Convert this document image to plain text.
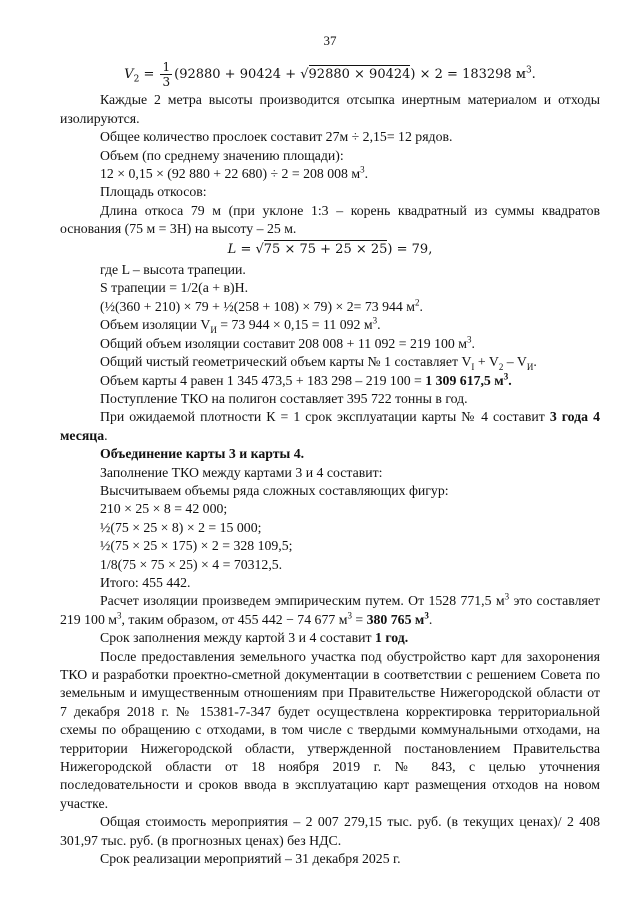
37
$V_2 = \frac{1}{3} (92880 + 90424 + √92880 \times 90424) \times 2 = 183298$ $м^3$.

Каждые 2 метра высоты производится отсыпка инертным материалом и отходы изолируются.

Общее количество прослоек составит 27м ÷ 2,15= 12 рядов.

Объем (по среднему значению площади):

12 × 0,15 × (92 880 + 22 680) ÷ 2 = 208 008 $м^3$.

Площадь откосов:

Длина откоса 79 м (при уклоне 1:3 – корень квадратный из суммы квадратов основания (75 м = 3Н) на высоту – 25 м.

L = √75 × 75 + 25 × 25) = 79,

где L – высота трапеции.

S трапеции = 1/2(а + в)Н.

(½(360 + 210) × 79 + ½(258 + 108) × 79) × 2= 73 944 $м^2$.

Объем изоляции $V_И = 73$ 944 × 0,15 = 11 092 $м^3$.

Общий объем изоляции составит 208 008 + 11 092 = 219 100 $м^3$.

Общий чистый геометрический объем карты № 1 составляет $V_I + V_2 - V_И$.

Объем карты 4 равен 1 345 473,5 + 183 298 – 219 100 = 1 309 617,5 $м^3$.

Поступление ТКО на полигон составляет 395 722 тонны в год.

При ожидаемой плотности К = 1 срок эксплуатации карты № 4 составит 3 года 4 месяца.

Объединение карты 3 и карты 4.

Заполнение ТКО между картами 3 и 4 составит:

Высчитываем объемы ряда сложных составляющих фигур:

210 × 25 × 8 = 42 000;

½(75 × 25 × 8) × 2 = 15 000;

½(75 × 25 × 175) × 2 = 328 109,5;

1/8(75 × 75 × 25) × 4 = 70312,5.

Итого: 455 442.

Расчет изоляции произведем эмпирическим путем. От 1528 771,5 $м^3$ это составляет 219 100 $м^3$, таким образом, от 455 442 − 74 677 $м^3 = 380$ 765 $м^3$.

Срок заполнения между картой 3 и 4 составит 1 год.

После предоставления земельного участка под обустройство карт для захоронения ТКО и разработки проектно-сметной документации в соответствии с решением Совета по земельным и имущественным отношениям при Правительстве Нижегородской области от 7 декабря 2018 г. № 15381-7-347 будет осуществлена корректировка территориальной схемы по обращению с отходами, в том числе с твердыми коммунальными отходами, на территории Нижегородской области, утвержденной постановлением Правительства Нижегородской области от 18 ноября 2019 г. № 843, с целью уточнения последовательности и сроков ввода в эксплуатацию карт размещения отходов на новом участке.

Общая стоимость мероприятия – 2 007 279,15 тыс. руб. (в текущих ценах)/ 2 408 301,97 тыс. руб. (в прогнозных ценах) без НДС.

Срок реализации мероприятий – 31 декабря 2025 г.
